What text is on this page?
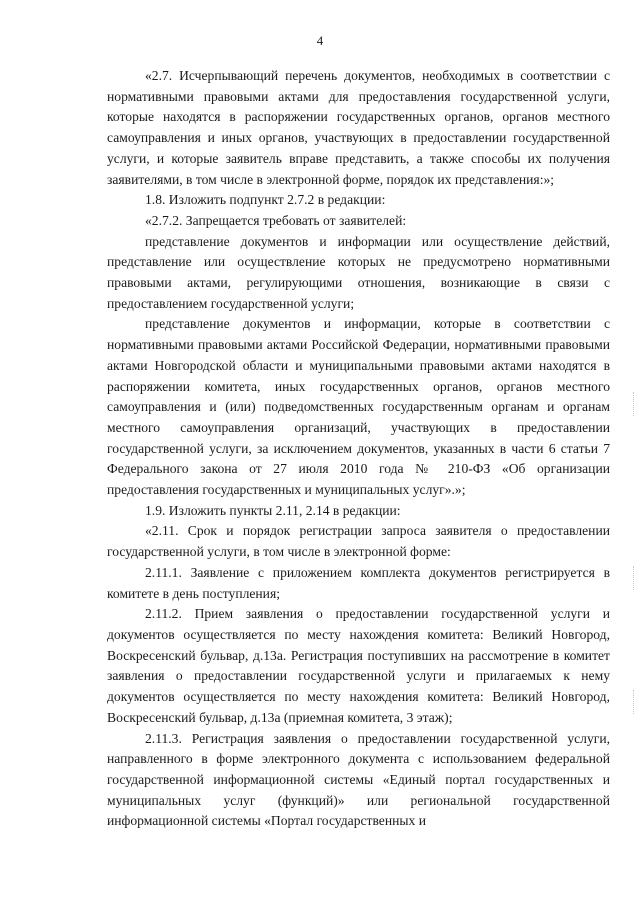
4

«2.7. Исчерпывающий перечень документов, необходимых в соответствии с нормативными правовыми актами для предоставления государственной услуги, которые находятся в распоряжении государственных органов, органов местного самоуправления и иных органов, участвующих в предоставлении государственной услуги, и которые заявитель вправе представить, а также способы их получения заявителями, в том числе в электронной форме, порядок их представления:»;

1.8. Изложить подпункт 2.7.2 в редакции:

«2.7.2. Запрещается требовать от заявителей:

представление документов и информации или осуществление действий, представление или осуществление которых не предусмотрено нормативными правовыми актами, регулирующими отношения, возникающие в связи с предоставлением государственной услуги;

представление документов и информации, которые в соответствии с нормативными правовыми актами Российской Федерации, нормативными правовыми актами Новгородской области и муниципальными правовыми актами находятся в распоряжении комитета, иных государственных органов, органов местного самоуправления и (или) подведомственных государственным органам и органам местного самоуправления организаций, участвующих в предоставлении государственной услуги, за исключением документов, указанных в части 6 статьи 7 Федерального закона от 27 июля 2010 года № 210-ФЗ «Об организации предоставления государственных и муниципальных услуг».»;

1.9. Изложить пункты 2.11, 2.14 в редакции:

«2.11. Срок и порядок регистрации запроса заявителя о предоставлении государственной услуги, в том числе в электронной форме:

2.11.1. Заявление с приложением комплекта документов регистрируется в комитете в день поступления;

2.11.2. Прием заявления о предоставлении государственной услуги и документов осуществляется по месту нахождения комитета: Великий Новгород, Воскресенский бульвар, д.13а. Регистрация поступивших на рассмотрение в комитет заявления о предоставлении государственной услуги и прилагаемых к нему документов осуществляется по месту нахождения комитета: Великий Новгород, Воскресенский бульвар, д.13а (приемная комитета, 3 этаж);

2.11.3. Регистрация заявления о предоставлении государственной услуги, направленного в форме электронного документа с использованием федеральной государственной информационной системы «Единый портал государственных и муниципальных услуг (функций)» или региональной государственной информационной системы «Портал государственных и
